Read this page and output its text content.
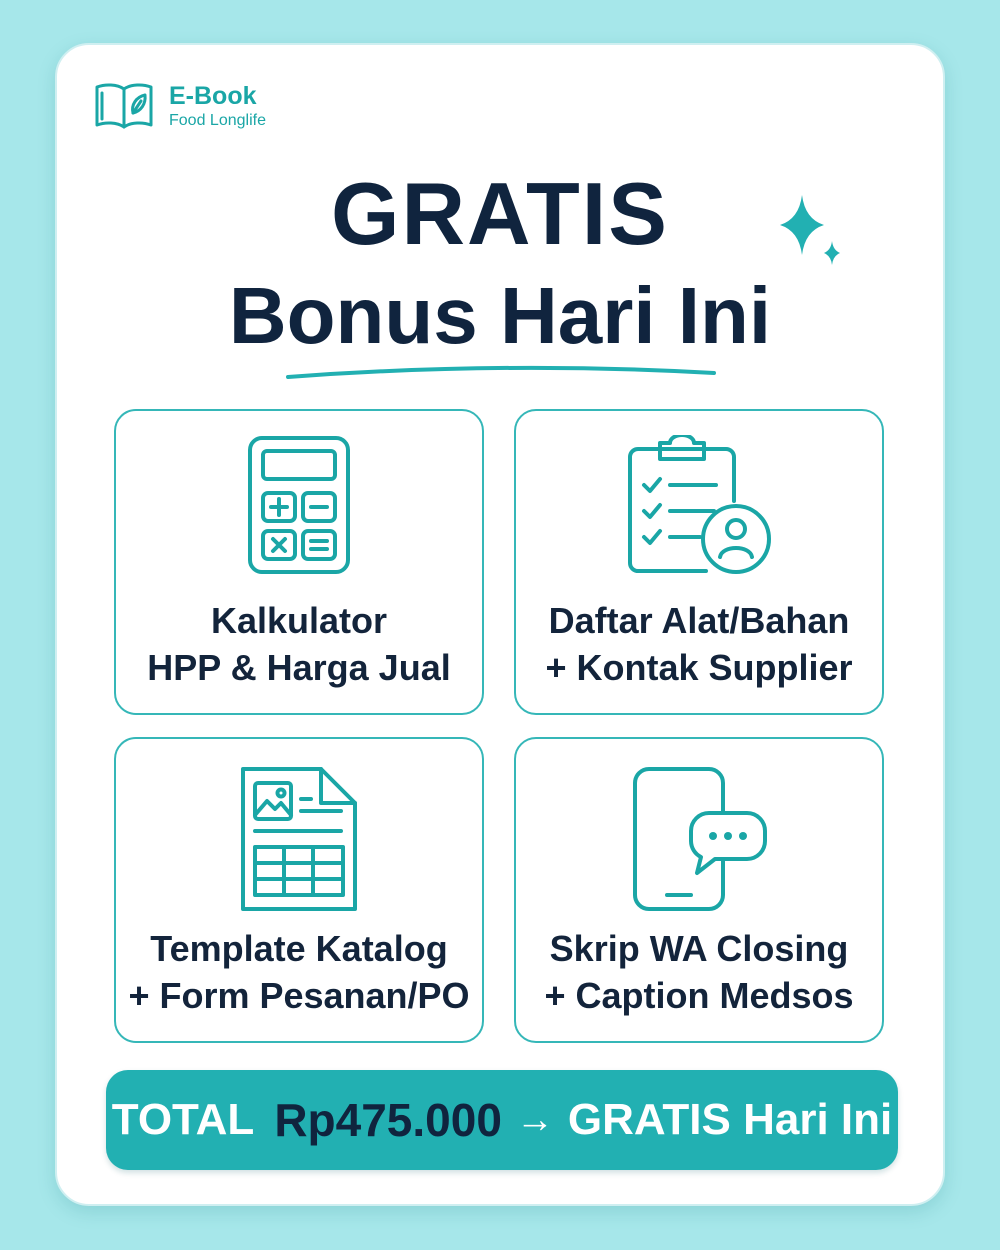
E-Book
Food Longlife
GRATIS
Bonus Hari Ini
Kalkulator
HPP & Harga Jual
Daftar Alat/Bahan
+ Kontak Supplier
Template Katalog
+ Form Pesanan/PO
Skrip WA Closing
+ Caption Medsos
TOTAL Rp475.000 → GRATIS Hari Ini
